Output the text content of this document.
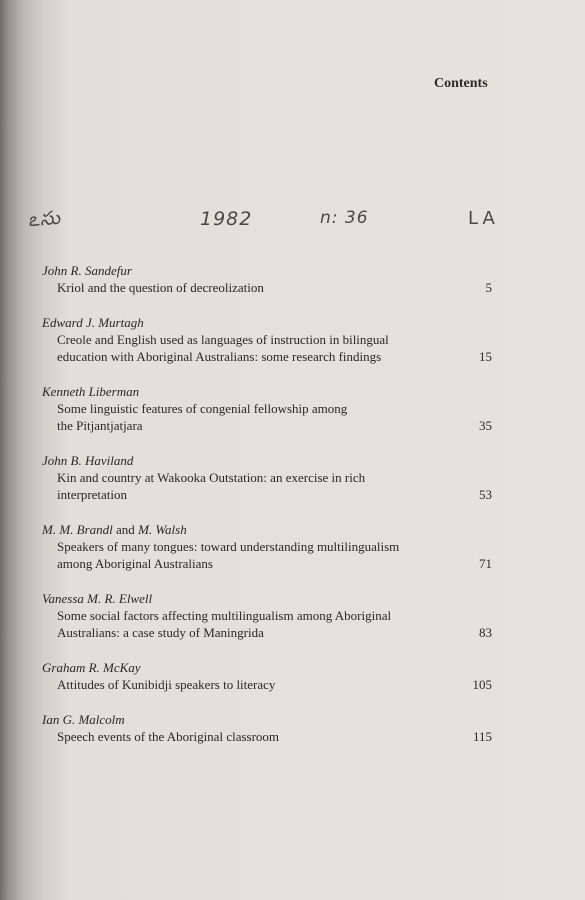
Contents
ఽసు	1982	n: 36	LA
John R. Sandefur
Kriol and the question of decreolization	5
Edward J. Murtagh
Creole and English used as languages of instruction in bilingual
education with Aboriginal Australians: some research findings	15
Kenneth Liberman
Some linguistic features of congenial fellowship among
the Pitjantjatjara	35
John B. Haviland
Kin and country at Wakooka Outstation: an exercise in rich
interpretation	53
M. M. Brandl and M. Walsh
Speakers of many tongues: toward understanding multilingualism
among Aboriginal Australians	71
Vanessa M. R. Elwell
Some social factors affecting multilingualism among Aboriginal
Australians: a case study of Maningrida	83
Graham R. McKay
Attitudes of Kunibidji speakers to literacy	105
Ian G. Malcolm
Speech events of the Aboriginal classroom	115
